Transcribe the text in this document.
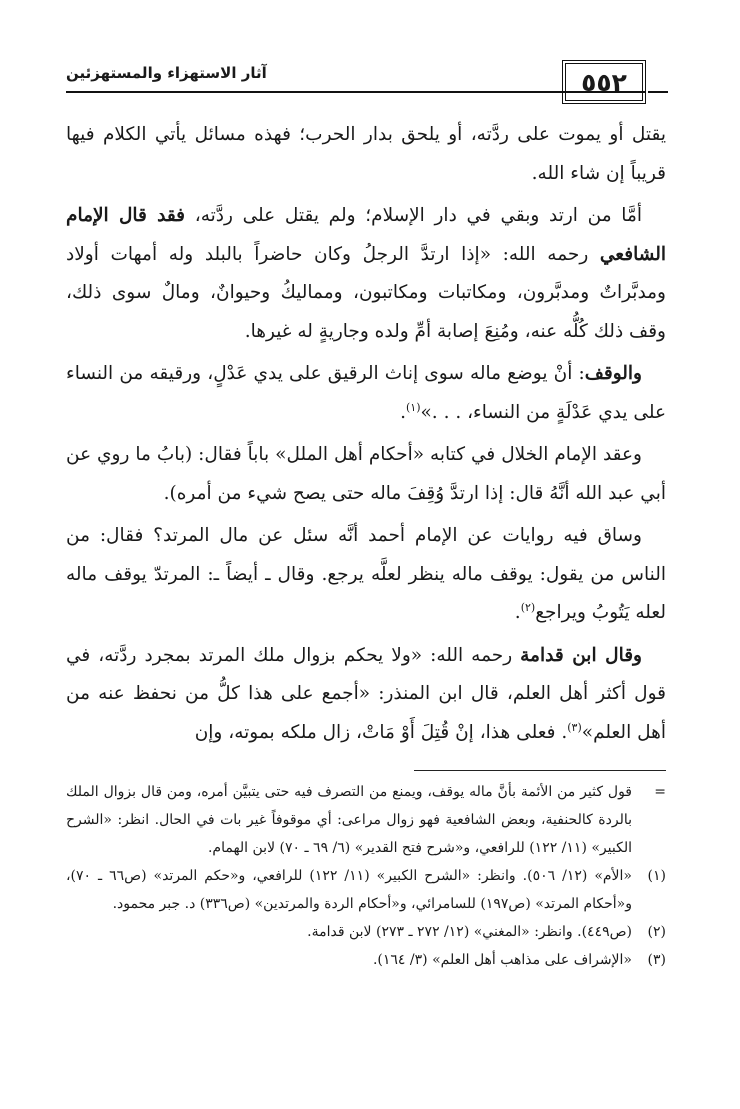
٥٥٢
آثار الاستهزاء والمستهزئين

يقتل أو يموت على ردَّته، أو يلحق بدار الحرب؛ فهذه مسائل يأتي الكلام فيها قريباً إن شاء الله.

أمَّا من ارتد وبقي في دار الإسلام؛ ولم يقتل على ردَّته، فقد قال الإمام الشافعي رحمه الله: «إذا ارتدَّ الرجلُ وكان حاضراً بالبلد وله أمهات أولاد ومدبَّراتٌ ومدبَّرون، ومكاتبات ومكاتبون، ومماليكُ وحيوانٌ، ومالٌ سوى ذلك، وقف ذلك كُلُّه عنه، ومُنِعَ إصابة أمِّ ولده وجاريةٍ له غيرها.

والوقف: أنْ يوضع ماله سوى إناث الرقيق على يدي عَدْلٍ، ورقيقه من النساء على يدي عَدْلَةٍ من النساء، . . .»$^{(١)}$.

وعقد الإمام الخلال في كتابه «أحكام أهل الملل» باباً فقال: (بابُ ما روي عن أبي عبد الله أنَّهُ قال: إذا ارتدَّ وُقِفَ ماله حتى يصح شيء من أمره).

وساق فيه روايات عن الإمام أحمد أنَّه سئل عن مال المرتد؟ فقال: من الناس من يقول: يوقف ماله ينظر لعلَّه يرجع. وقال ـ أيضاً ـ: المرتدّ يوقف ماله لعله يَتُوبُ ويراجع$^{(٢)}$.

وقال ابن قدامة رحمه الله: «ولا يحكم بزوال ملك المرتد بمجرد ردَّته، في قول أكثر أهل العلم، قال ابن المنذر: «أجمع على هذا كلُّ من نحفظ عنه من أهل العلم»$^{(٣)}$. فعلى هذا، إنْ قُتِلَ أَوْ مَاتْ، زال ملكه بموته، وإن

=
قول كثير من الأئمة بأنَّ ماله يوقف، ويمنع من التصرف فيه حتى يتبيَّن أمره، ومن قال بزوال الملك بالردة كالحنفية، وبعض الشافعية فهو زوال مراعى: أي موقوفاً غير بات في الحال. انظر: «الشرح الكبير» (١١/ ١٢٢) للرافعي، و«شرح فتح القدير» (٦/ ٦٩ ـ ٧٠) لابن الهمام.
(١)
«الأم» (١٢/ ٥٠٦). وانظر: «الشرح الكبير» (١١/ ١٢٢) للرافعي، و«حكم المرتد» (ص٦٦ ـ ٧٠)، و«أحكام المرتد» (ص١٩٧) للسامرائي، و«أحكام الردة والمرتدين» (ص٣٣٦) د. جبر محمود.
(٢)
(ص٤٤٩). وانظر: «المغني» (١٢/ ٢٧٢ ـ ٢٧٣) لابن قدامة.
(٣)
«الإشراف على مذاهب أهل العلم» (٣/ ١٦٤).
